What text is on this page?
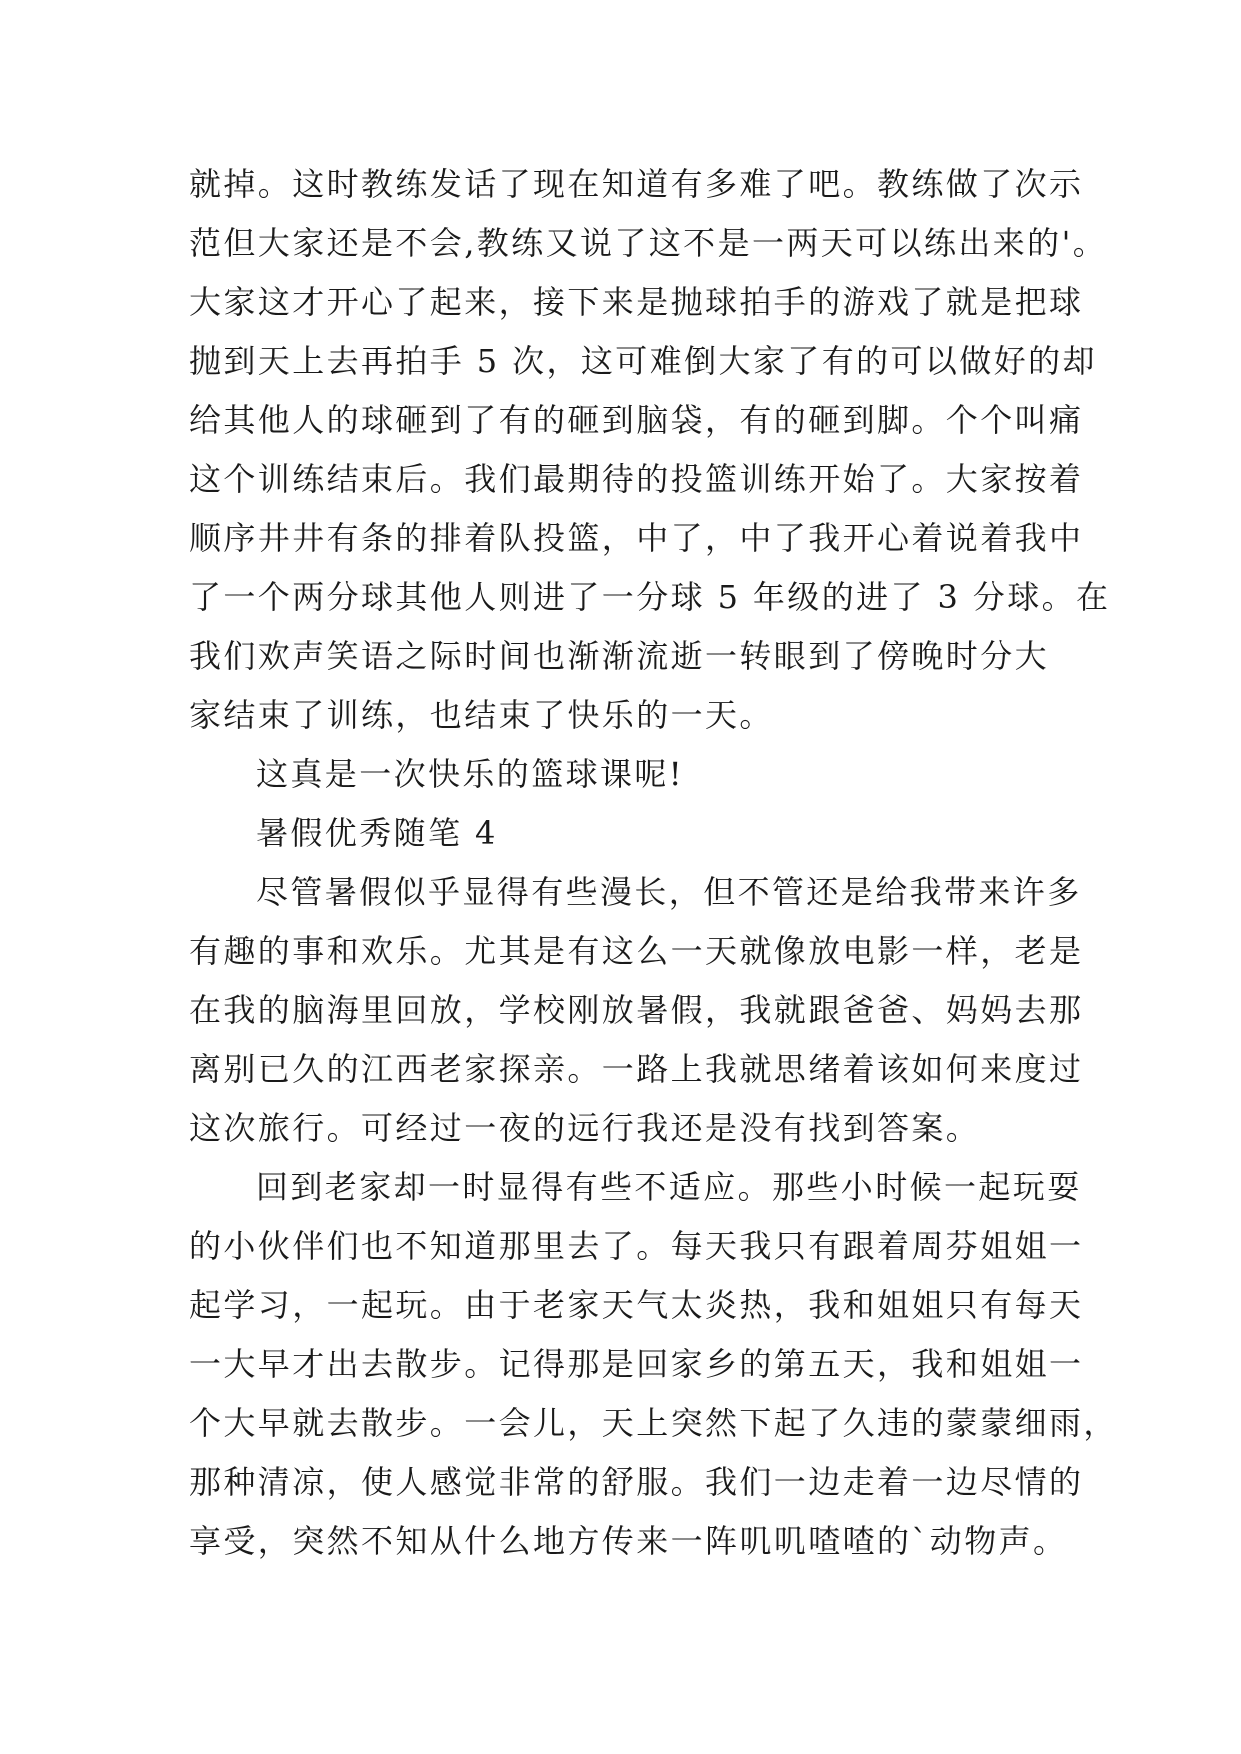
就掉。这时教练发话了现在知道有多难了吧。教练做了次示
范但大家还是不会,教练又说了这不是一两天可以练出来的'。
大家这才开心了起来，接下来是抛球拍手的游戏了就是把球
抛到天上去再拍手 5 次，这可难倒大家了有的可以做好的却
给其他人的球砸到了有的砸到脑袋，有的砸到脚。个个叫痛
这个训练结束后。我们最期待的投篮训练开始了。大家按着
顺序井井有条的排着队投篮，中了，中了我开心着说着我中
了一个两分球其他人则进了一分球 5 年级的进了 3 分球。在
我们欢声笑语之际时间也渐渐流逝一转眼到了傍晚时分大
家结束了训练，也结束了快乐的一天。
这真是一次快乐的篮球课呢!
暑假优秀随笔 4
尽管暑假似乎显得有些漫长，但不管还是给我带来许多
有趣的事和欢乐。尤其是有这么一天就像放电影一样，老是
在我的脑海里回放，学校刚放暑假，我就跟爸爸、妈妈去那
离别已久的江西老家探亲。一路上我就思绪着该如何来度过
这次旅行。可经过一夜的远行我还是没有找到答案。
回到老家却一时显得有些不适应。那些小时候一起玩耍
的小伙伴们也不知道那里去了。每天我只有跟着周芬姐姐一
起学习，一起玩。由于老家天气太炎热，我和姐姐只有每天
一大早才出去散步。记得那是回家乡的第五天，我和姐姐一
个大早就去散步。一会儿，天上突然下起了久违的蒙蒙细雨，
那种清凉，使人感觉非常的舒服。我们一边走着一边尽情的
享受，突然不知从什么地方传来一阵叽叽喳喳的`动物声。
